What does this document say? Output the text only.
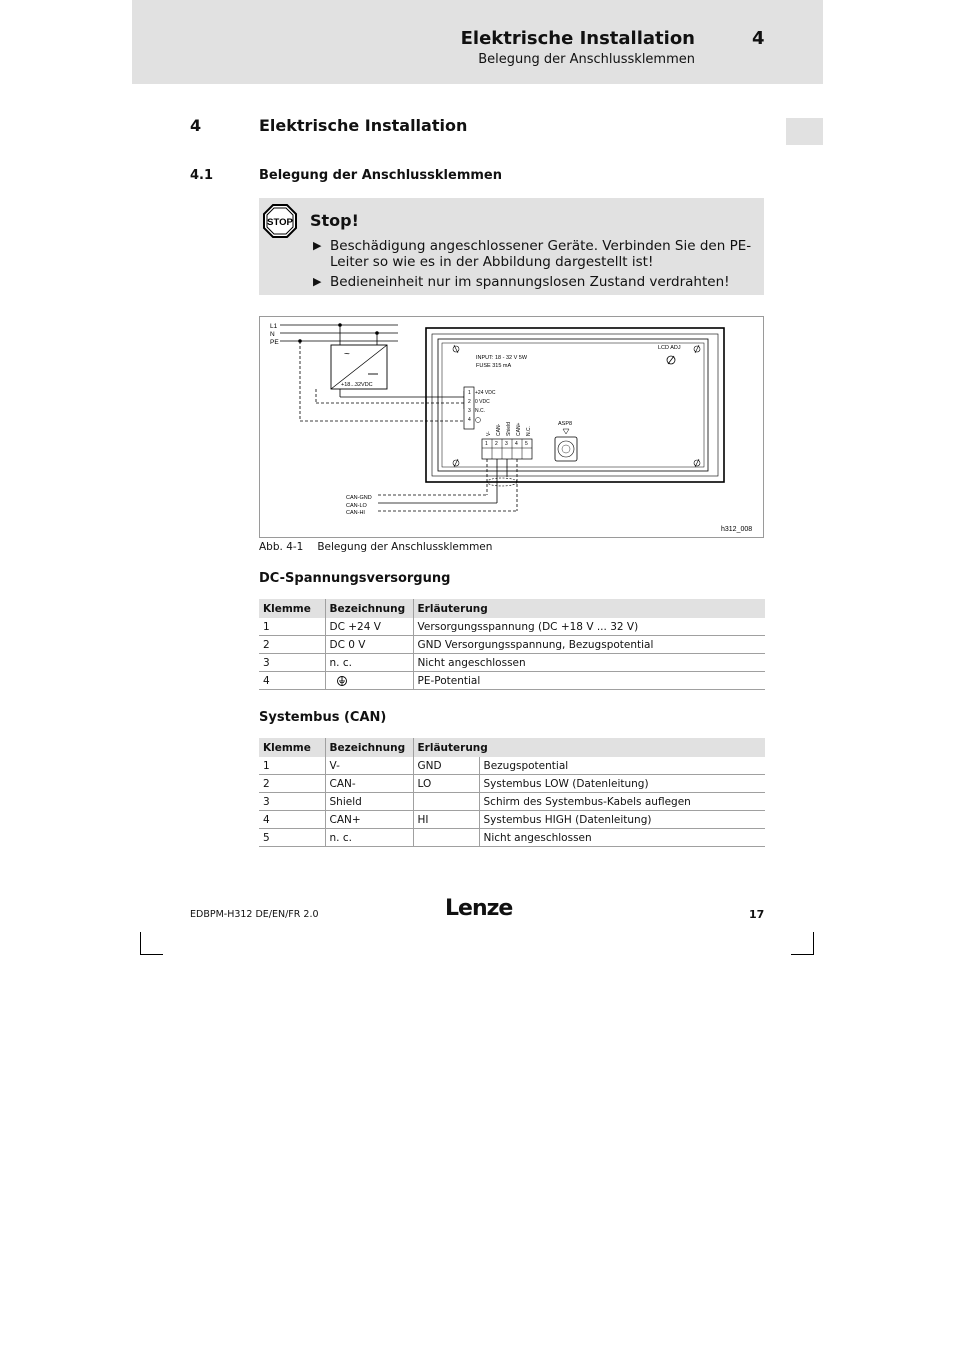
Elektrische Installation	4
Belegung der Anschlussklemmen
4	Elektrische Installation
4.1	Belegung der Anschlussklemmen
STOP Stop!
▶ Beschädigung angeschlossener Geräte. Verbinden Sie den PE-Leiter so wie es in der Abbildung dargestellt ist!
▶ Bedieneinheit nur im spannungslosen Zustand verdrahten!
L1
N
PE
~
+18...32VDC
INPUT: 18 - 32 V 5W
FUSE 315 mA
LCD ADJ
1
2
3
4
+24 VDC
0 VDC
N.C.
V- CAN- Shield CAN+ N.C.
1 2 3 4 5
ASP8
CAN-GND
CAN-LO
CAN-HI
h312_008
Abb. 4-1 Belegung der Anschlussklemmen
DC-Spannungsversorgung
Klemme	Bezeichnung	Erläuterung
1	DC +24 V	Versorgungsspannung (DC +18 V ... 32 V)
2	DC 0 V	GND Versorgungsspannung, Bezugspotential
3	n. c.	Nicht angeschlossen
4		PE-Potential
Systembus (CAN)
Klemme	Bezeichnung	Erläuterung	
1	V-	GND	Bezugspotential
2	CAN-	LO	Systembus LOW (Datenleitung)
3	Shield		Schirm des Systembus-Kabels auflegen
4	CAN+	HI	Systembus HIGH (Datenleitung)
5	n. c.		Nicht angeschlossen
EDBPM-H312 DE/EN/FR 2.0	Lenze	17
